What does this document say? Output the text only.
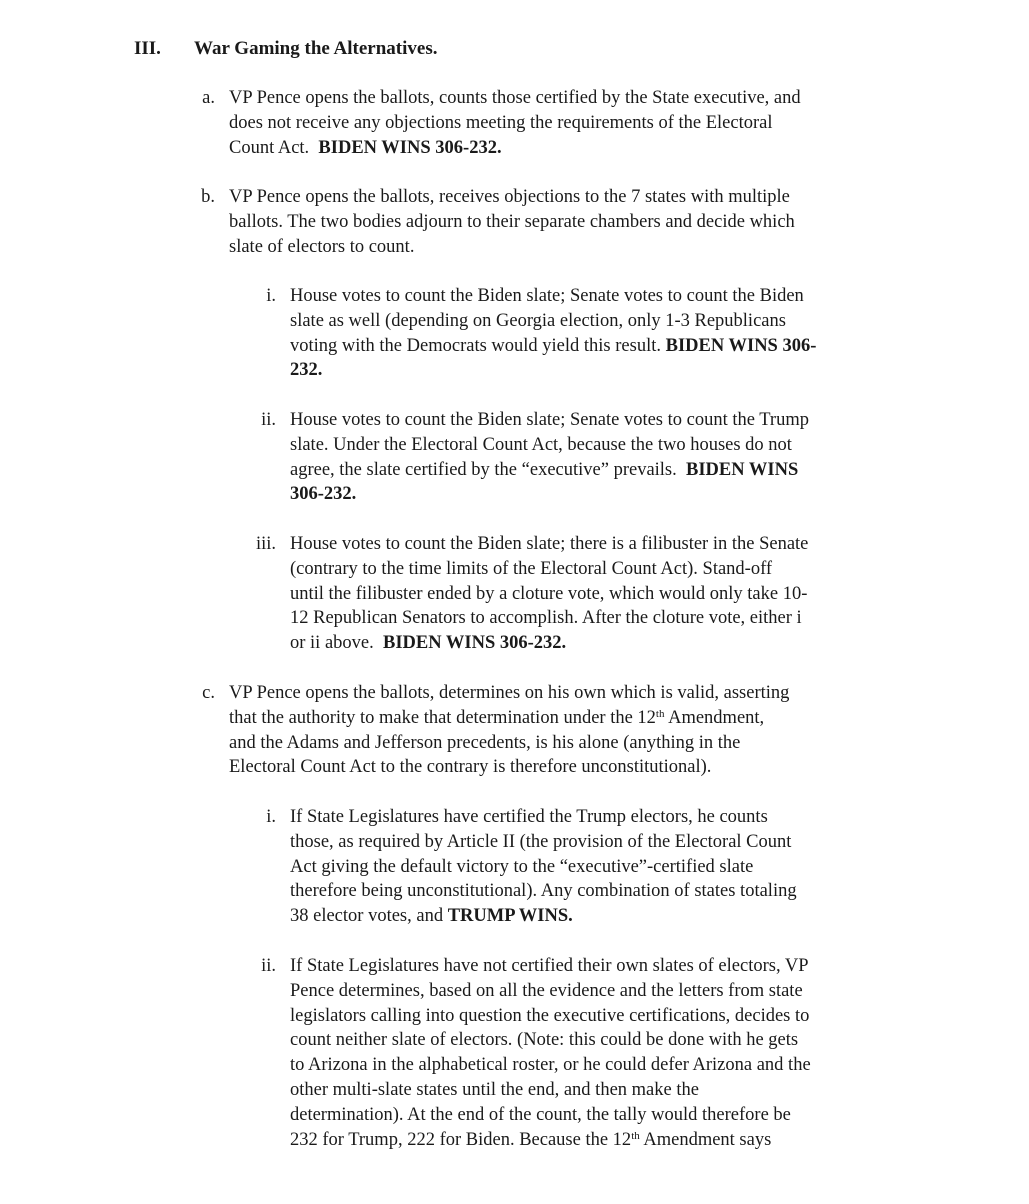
III. War Gaming the Alternatives.
a. VP Pence opens the ballots, counts those certified by the State executive, and
does not receive any objections meeting the requirements of the Electoral
Count Act. BIDEN WINS 306-232.
b. VP Pence opens the ballots, receives objections to the 7 states with multiple
ballots. The two bodies adjourn to their separate chambers and decide which
slate of electors to count.
i. House votes to count the Biden slate; Senate votes to count the Biden
slate as well (depending on Georgia election, only 1-3 Republicans
voting with the Democrats would yield this result. BIDEN WINS 306-
232.
ii. House votes to count the Biden slate; Senate votes to count the Trump
slate. Under the Electoral Count Act, because the two houses do not
agree, the slate certified by the “executive” prevails. BIDEN WINS
306-232.
iii. House votes to count the Biden slate; there is a filibuster in the Senate
(contrary to the time limits of the Electoral Count Act). Stand-off
until the filibuster ended by a cloture vote, which would only take 10-
12 Republican Senators to accomplish. After the cloture vote, either i
or ii above. BIDEN WINS 306-232.
c. VP Pence opens the ballots, determines on his own which is valid, asserting
that the authority to make that determination under the 12th Amendment,
and the Adams and Jefferson precedents, is his alone (anything in the
Electoral Count Act to the contrary is therefore unconstitutional).
i. If State Legislatures have certified the Trump electors, he counts
those, as required by Article II (the provision of the Electoral Count
Act giving the default victory to the “executive”-certified slate
therefore being unconstitutional). Any combination of states totaling
38 elector votes, and TRUMP WINS.
ii. If State Legislatures have not certified their own slates of electors, VP
Pence determines, based on all the evidence and the letters from state
legislators calling into question the executive certifications, decides to
count neither slate of electors. (Note: this could be done with he gets
to Arizona in the alphabetical roster, or he could defer Arizona and the
other multi-slate states until the end, and then make the
determination). At the end of the count, the tally would therefore be
232 for Trump, 222 for Biden. Because the 12th Amendment says
